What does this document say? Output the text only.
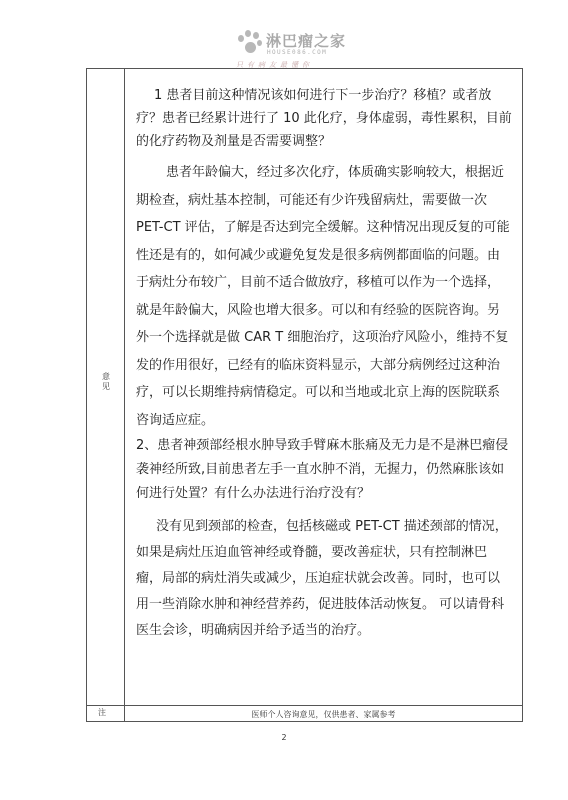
淋巴瘤之家
HOUSE086.COM
只有病友最懂你
意见
注

1 患者目前这种情况该如何进行下一步治疗？移植？或者放疗？患者已经累计进行了 10 此化疗，身体虚弱，毒性累积，目前的化疗药物及剂量是否需要调整？

患者年龄偏大，经过多次化疗，体质确实影响较大，根据近期检查，病灶基本控制，可能还有少许残留病灶，需要做一次 PET-CT 评估，了解是否达到完全缓解。这种情况出现反复的可能性还是有的，如何减少或避免复发是很多病例都面临的问题。由于病灶分布较广，目前不适合做放疗，移植可以作为一个选择，就是年龄偏大，风险也增大很多。可以和有经验的医院咨询。另外一个选择就是做 CAR T 细胞治疗，这项治疗风险小，维持不复发的作用很好，已经有的临床资料显示，大部分病例经过这种治疗，可以长期维持病情稳定。可以和当地或北京上海的医院联系咨询适应症。

2、患者神颈部经根水肿导致手臂麻木胀痛及无力是不是淋巴瘤侵袭神经所致,目前患者左手一直水肿不消，无握力，仍然麻胀该如何进行处置？有什么办法进行治疗没有？

没有见到颈部的检查，包括核磁或 PET-CT 描述颈部的情况，如果是病灶压迫血管神经或脊髓，要改善症状，只有控制淋巴瘤，局部的病灶消失或减少，压迫症状就会改善。同时，也可以用一些消除水肿和神经营养药，促进肢体活动恢复。 可以请骨科医生会诊，明确病因并给予适当的治疗。

医师个人咨询意见，仅供患者、家属参考
2
